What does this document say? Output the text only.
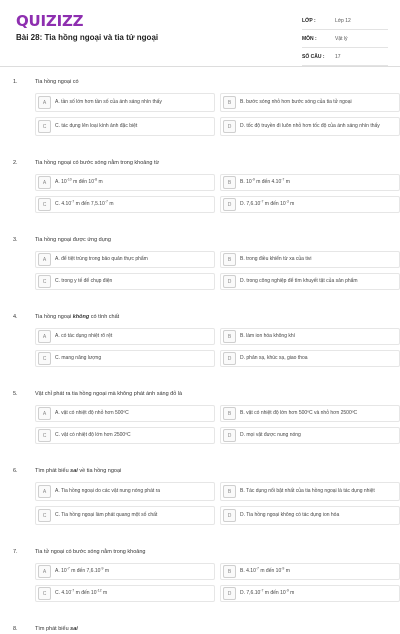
QUIZIZZ
Bài 28: Tia hồng ngoại và tia tử ngoại
LỚP :	Lớp 12
MÔN :	Vật lý
SỐ CÂU :	17
1.	Tia hồng ngoại có
A	A. tần số lớn hơn tần số của ánh sáng nhìn thấy	B	B. bước sóng nhỏ hơn bước sóng của tia tử ngoại
C	C. tác dụng lên loại kính ảnh đặc biệt	D	D. tốc độ truyền đi luôn nhỏ hơn tốc độ của ánh sáng nhìn thấy
2.	Tia hồng ngoại có bước sóng nằm trong khoảng từ
A	A. $10^{-10}$ m đến $10^{-8}$ m	B	B. $10^{-9}$ m đến $4.10^{-7}$ m
C	C. $4.10^{-7}$ m đến $7,5.10^{-7}$ m	D	D. $7,6.10^{-7}$ m đến $10^{-3}$ m
3.	Tia hồng ngoại được ứng dụng
A	A. để tiệt trùng trong bảo quản thực phẩm	B	B. trong điều khiển từ xa của tivi
C	C. trong y tế để chụp điện	D	D. trong công nghiệp để tìm khuyết tật của sản phẩm
4.	Tia hồng ngoại không có tính chất
A	A. có tác dụng nhiệt rõ rệt	B	B. làm ion hóa không khí
C	C. mang năng lượng	D	D. phản xạ, khúc xạ, giao thoa
5.	Vật chỉ phát ra tia hồng ngoại mà không phát ánh sáng đỏ là
A	A. vật có nhiệt độ nhỏ hơn 500ºC	B	B. vật có nhiệt độ lớn hơn 500ºC và nhỏ hơn 2500ºC
C	C. vật có nhiệt độ lớn hơn 2500ºC	D	D. mọi vật được nung nóng
6.	Tìm phát biểu sai về tia hồng ngoại
A	A. Tia hồng ngoại do các vật nung nóng phát ra	B	B. Tác dụng nổi bật nhất của tia hồng ngoại là tác dụng nhiệt
C	C. Tia hồng ngoại làm phát quang một số chất	D	D. Tia hồng ngoại không có tác dụng ion hóa
7.	Tia tử ngoại có bước sóng nằm trong khoảng
A	A. $10^{-7}$ m đến $7,6.10^{-9}$ m	B	B. $4.10^{-7}$ m đến $10^{-9}$ m
C	C. $4.10^{-7}$ m đến $10^{-12}$ m	D	D. $7,6.10^{-7}$ m đến $10^{-9}$ m
8.	Tìm phát biểu sai
